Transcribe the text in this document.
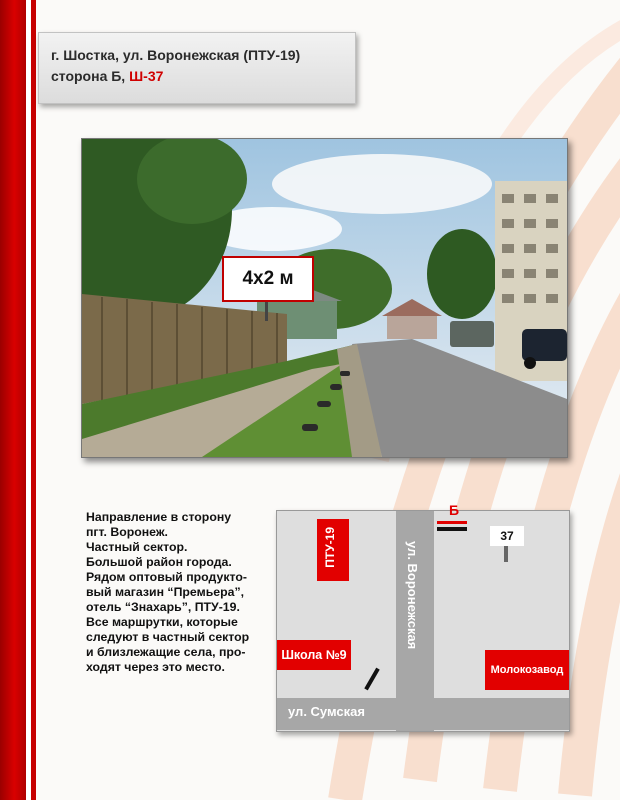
г. Шостка, ул. Воронежская (ПТУ-19)
сторона Б, Ш-37
4х2 м
Направление в сторону
пгт. Воронеж.
Частный сектор.
Большой район города.
Рядом оптовый продукто-
вый магазин “Премьера”,
отель “Знахарь”, ПТУ-19.
Все маршрутки, которые
следуют в частный сектор
и близлежащие села, про-
ходят через это место.
ул. Воронежская
ул. Сумская
ПТУ-19
Школа №9
Молокозавод
Б
37
